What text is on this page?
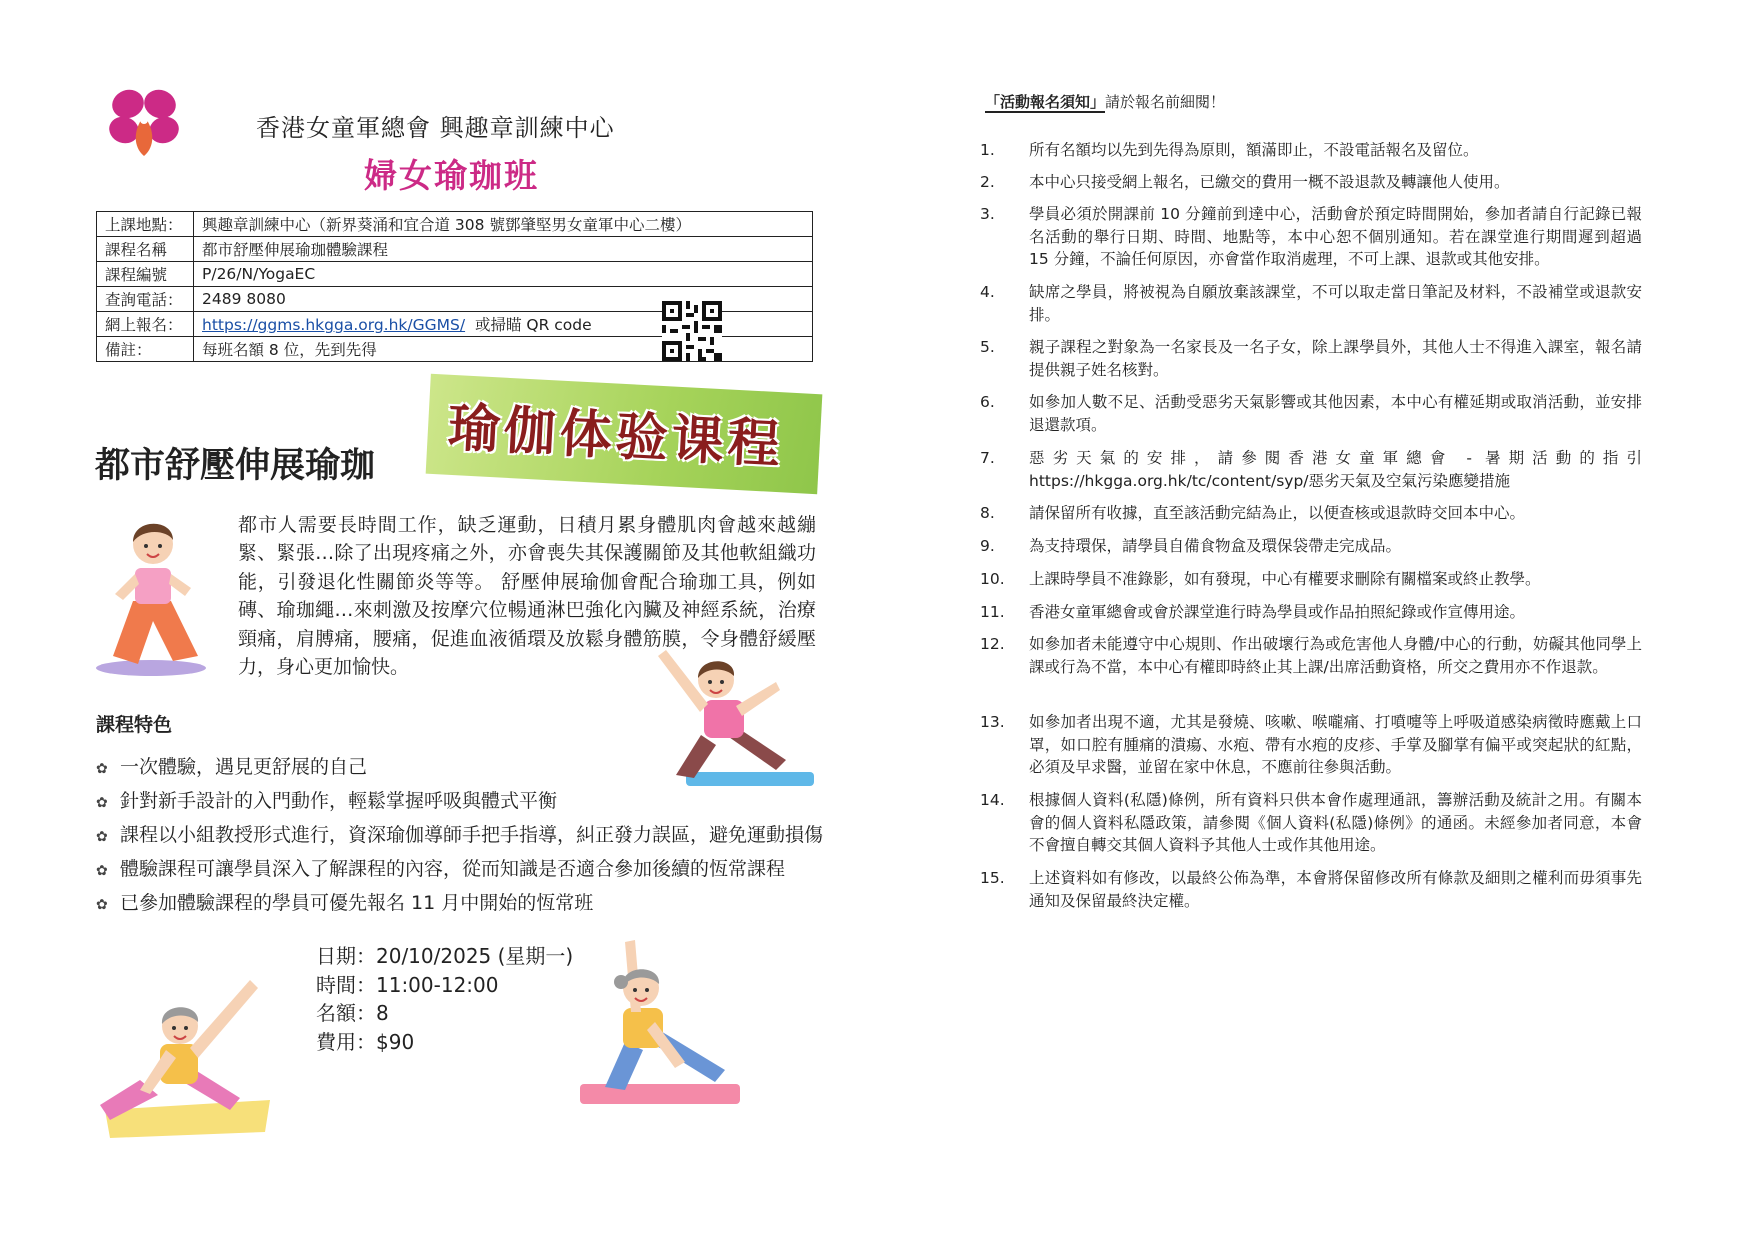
香港女童軍總會 興趣章訓練中心
婦女瑜珈班
上課地點：	興趣章訓練中心（新界葵涌和宜合道 308 號鄧肇堅男女童軍中心二樓）
課程名稱	都市舒壓伸展瑜珈體驗課程
課程編號	P/26/N/YogaEC
查詢電話：	2489 8080
網上報名：	https://ggms.hkgga.org.hk/GGMS/ 或掃瞄 QR code
備註：	每班名額 8 位，先到先得
瑜伽体验课程
都市舒壓伸展瑜珈
都市人需要長時間工作，缺乏運動，日積月累身體肌肉會越來越繃緊、緊張…除了出現疼痛之外，亦會喪失其保護關節及其他軟組織功能，引發退化性關節炎等等。 舒壓伸展瑜伽會配合瑜珈工具，例如磚、瑜珈繩…來刺激及按摩穴位暢通淋巴強化內臟及神經系統，治療頸痛，肩膊痛，腰痛，促進血液循環及放鬆身體筋膜，令身體舒緩壓力，身心更加愉快。
課程特色
✿ 一次體驗，遇見更舒展的自己
✿ 針對新手設計的入門動作，輕鬆掌握呼吸與體式平衡
✿ 課程以小組教授形式進行，資深瑜伽導師手把手指導，糾正發力誤區，避免運動損傷
✿ 體驗課程可讓學員深入了解課程的內容，從而知識是否適合參加後續的恆常課程
✿ 已參加體驗課程的學員可優先報名 11 月中開始的恆常班
日期：20/10/2025 (星期一)
時間：11:00-12:00
名額：8
費用：$90
「活動報名須知」請於報名前細閱！
1.	所有名額均以先到先得為原則，額滿即止，不設電話報名及留位。
2.	本中心只接受網上報名，已繳交的費用一概不設退款及轉讓他人使用。
3.	學員必須於開課前 10 分鐘前到達中心，活動會於預定時間開始，參加者請自行記錄已報名活動的舉行日期、時間、地點等，本中心恕不個別通知。若在課堂進行期間遲到超過 15 分鐘，不論任何原因，亦會當作取消處理，不可上課、退款或其他安排。
4.	缺席之學員，將被視為自願放棄該課堂，不可以取走當日筆記及材料，不設補堂或退款安排。
5.	親子課程之對象為一名家長及一名子女，除上課學員外，其他人士不得進入課室，報名請提供親子姓名核對。
6.	如參加人數不足、活動受惡劣天氣影響或其他因素，本中心有權延期或取消活動，並安排退還款項。
7.	惡劣天氣的安排，請參閱香港女童軍總會 - 暑期活動的指引 https://hkgga.org.hk/tc/content/syp/惡劣天氣及空氣污染應變措施
8.	請保留所有收據，直至該活動完結為止，以便查核或退款時交回本中心。
9.	為支持環保，請學員自備食物盒及環保袋帶走完成品。
10.	上課時學員不准錄影，如有發現，中心有權要求刪除有關檔案或終止教學。
11.	香港女童軍總會或會於課堂進行時為學員或作品拍照紀錄或作宣傳用途。
12.	如參加者未能遵守中心規則、作出破壞行為或危害他人身體/中心的行動，妨礙其他同學上課或行為不當，本中心有權即時終止其上課/出席活動資格，所交之費用亦不作退款。
13.	如參加者出現不適，尤其是發燒、咳嗽、喉嚨痛、打噴嚏等上呼吸道感染病徵時應戴上口罩，如口腔有腫痛的潰瘍、水疱、帶有水疱的皮疹、手掌及腳掌有偏平或突起狀的紅點，必須及早求醫，並留在家中休息，不應前往參與活動。
14.	根據個人資料(私隱)條例，所有資料只供本會作處理通訊，籌辦活動及統計之用。有關本會的個人資料私隱政策，請參閱《個人資料(私隱)條例》的通函。未經參加者同意，本會不會擅自轉交其個人資料予其他人士或作其他用途。
15.	上述資料如有修改，以最終公佈為準，本會將保留修改所有條款及細則之權利而毋須事先通知及保留最終決定權。
